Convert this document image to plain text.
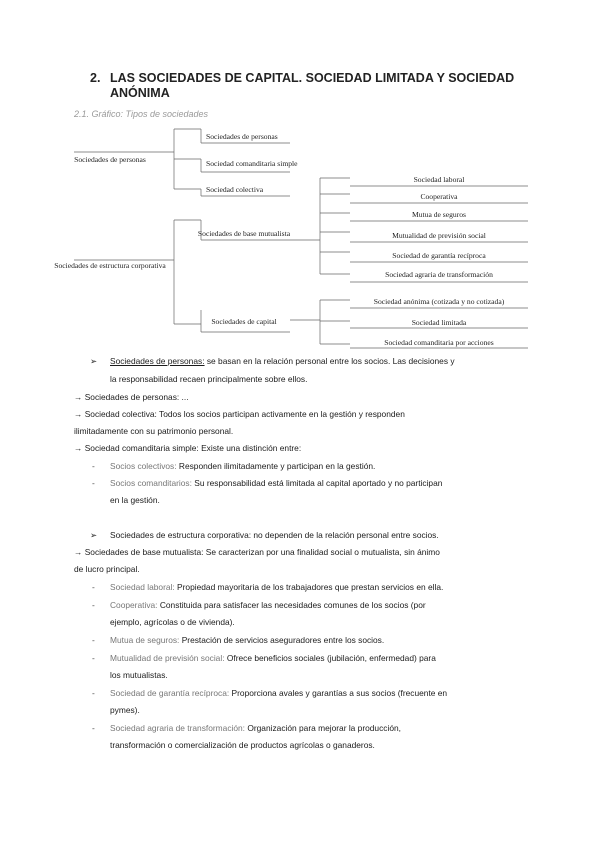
2. LAS SOCIEDADES DE CAPITAL. SOCIEDAD LIMITADA Y SOCIEDAD ANÓNIMA
2.1. Gráfico: Tipos de sociedades
Sociedades de personas
Sociedades de estructura corporativa
Sociedades de personas
Sociedad comanditaria simple
Sociedad colectiva
Sociedades de base mutualista
Sociedades de capital
Sociedad laboral
Cooperativa
Mutua de seguros
Mutualidad de previsión social
Sociedad de garantía recíproca
Sociedad agraria de transformación
Sociedad anónima (cotizada y no cotizada)
Sociedad limitada
Sociedad comanditaria por acciones
➢ Sociedades de personas: se basan en la relación personal entre los socios. Las decisiones y
la responsabilidad recaen principalmente sobre ellos.
→ Sociedades de personas: ...
→ Sociedad colectiva: Todos los socios participan activamente en la gestión y responden
ilimitadamente con su patrimonio personal.
→ Sociedad comanditaria simple: Existe una distinción entre:
- Socios colectivos: Responden ilimitadamente y participan en la gestión.
- Socios comanditarios: Su responsabilidad está limitada al capital aportado y no participan
en la gestión.
➢ Sociedades de estructura corporativa: no dependen de la relación personal entre socios.
→ Sociedades de base mutualista: Se caracterizan por una finalidad social o mutualista, sin ánimo
de lucro principal.
- Sociedad laboral: Propiedad mayoritaria de los trabajadores que prestan servicios en ella.
- Cooperativa: Constituida para satisfacer las necesidades comunes de los socios (por
ejemplo, agrícolas o de vivienda).
- Mutua de seguros: Prestación de servicios aseguradores entre los socios.
- Mutualidad de previsión social: Ofrece beneficios sociales (jubilación, enfermedad) para
los mutualistas.
- Sociedad de garantía recíproca: Proporciona avales y garantías a sus socios (frecuente en
pymes).
- Sociedad agraria de transformación: Organización para mejorar la producción,
transformación o comercialización de productos agrícolas o ganaderos.
